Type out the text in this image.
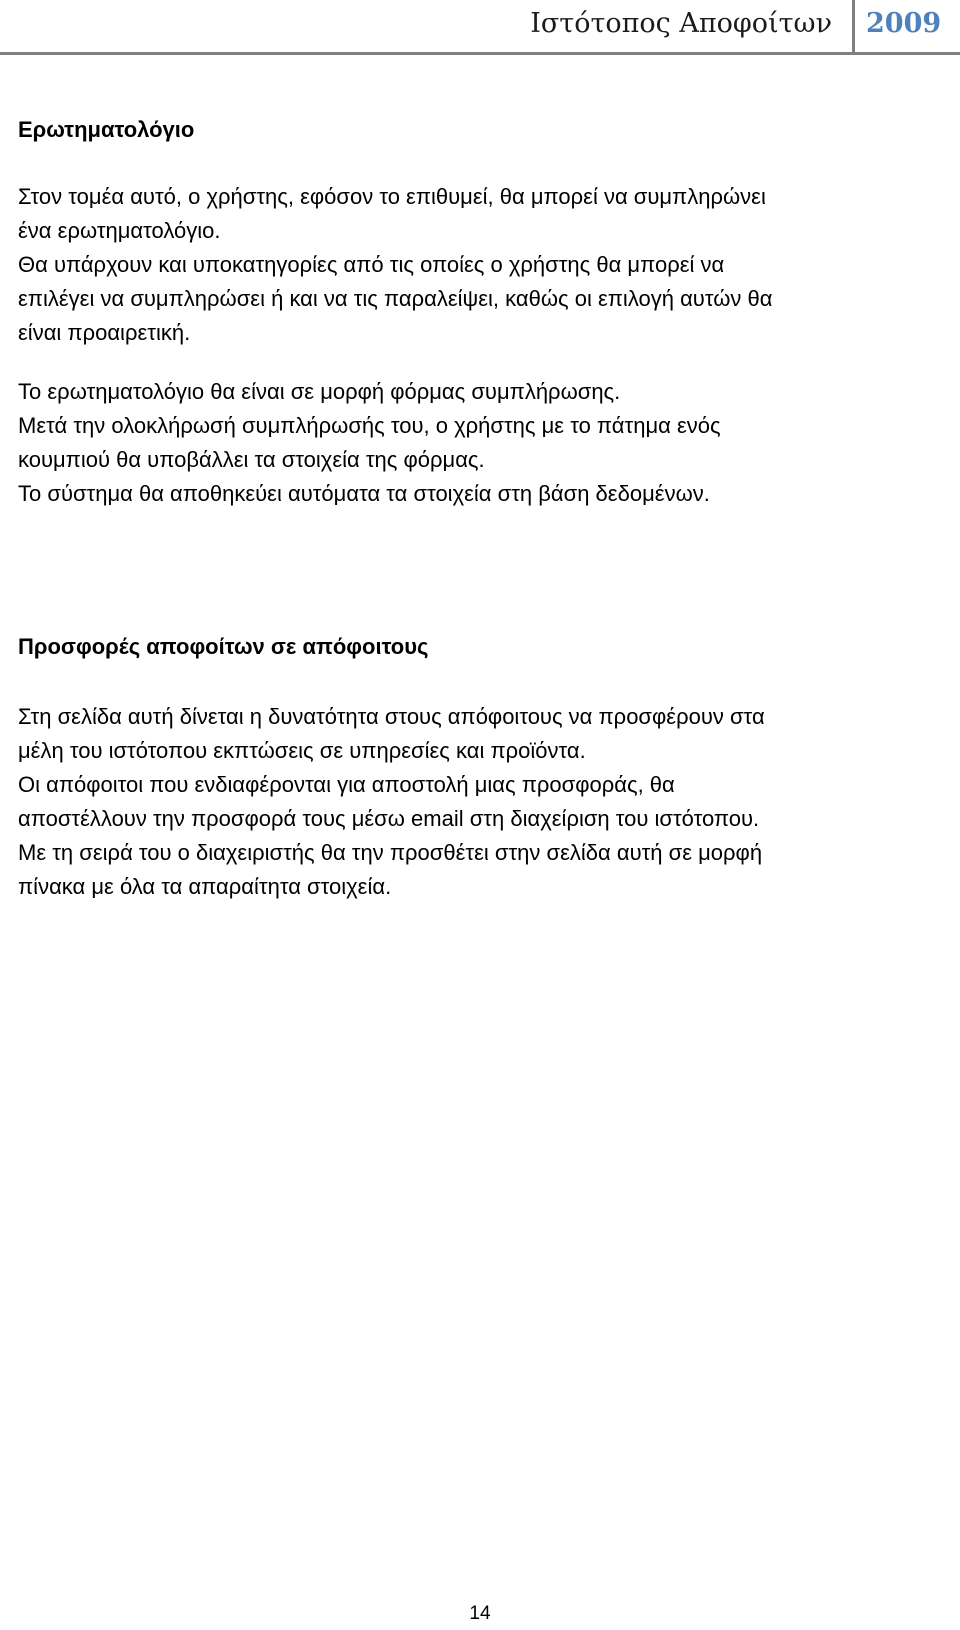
Ιστότοπος Αποφοίτων 2009
Ερωτηματολόγιο

Στον τομέα αυτό, ο χρήστης, εφόσον το επιθυμεί, θα μπορεί να συμπληρώνει
ένα ερωτηματολόγιο.
Θα υπάρχουν και υποκατηγορίες από τις οποίες ο χρήστης θα μπορεί να
επιλέγει να συμπληρώσει ή και να τις παραλείψει, καθώς οι επιλογή αυτών θα
είναι προαιρετική.

Το ερωτηματολόγιο θα είναι σε μορφή φόρμας συμπλήρωσης.
Μετά την ολοκλήρωσή συμπλήρωσής του, ο χρήστης με το πάτημα ενός
κουμπιού θα υποβάλλει τα στοιχεία της φόρμας.
Το σύστημα θα αποθηκεύει αυτόματα τα στοιχεία στη βάση δεδομένων.

Προσφορές αποφοίτων σε απόφοιτους

Στη σελίδα αυτή δίνεται η δυνατότητα στους απόφοιτους να προσφέρουν στα
μέλη του ιστότοπου εκπτώσεις σε υπηρεσίες και προϊόντα.
Οι απόφοιτοι που ενδιαφέρονται για αποστολή μιας προσφοράς, θα
αποστέλλουν την προσφορά τους μέσω email στη διαχείριση του ιστότοπου.
Με τη σειρά του ο διαχειριστής θα την προσθέτει στην σελίδα αυτή σε μορφή
πίνακα με όλα τα απαραίτητα στοιχεία.

14
